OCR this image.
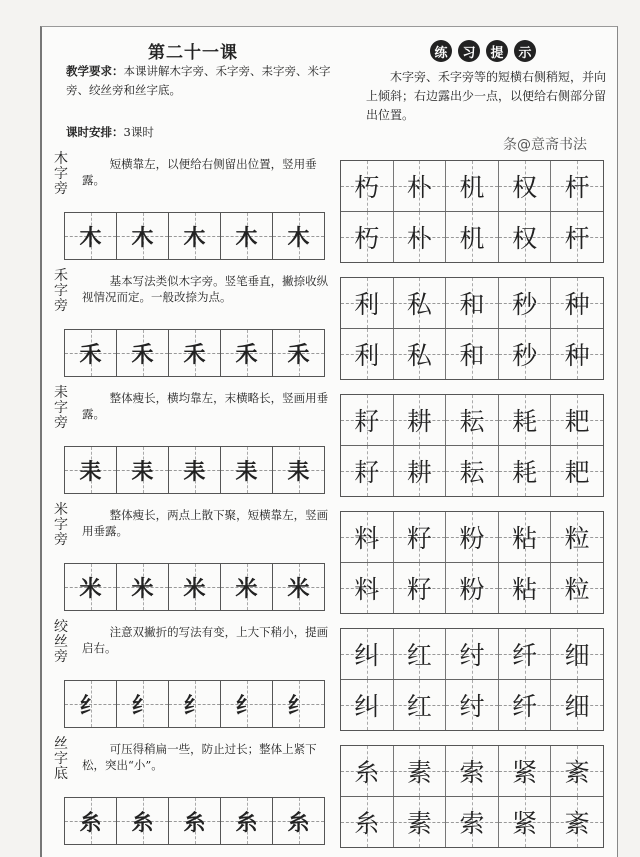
第二十一课
教学要求：本课讲解木字旁、禾字旁、耒字旁、米字旁、绞丝旁和丝字底。
课时安排：3课时
练	习	提	示
木字旁、禾字旁等的短横右侧稍短，并向上倾斜；右边露出少一点，以便给右侧部分留出位置。
木字旁
短横靠左，以便给右侧留出位置，竖用垂露。
木 木 木 木 木
朽 朴 机 权 杆
朽 朴 机 权 杆
禾字旁
基本写法类似木字旁。竖笔垂直，撇捺收纵视情况而定。一般改捺为点。
禾 禾 禾 禾 禾
利 私 和 秒 种
利 私 和 秒 种
耒字旁
整体瘦长，横均靠左，末横略长，竖画用垂露。
耒 耒 耒 耒 耒
耔 耕 耘 耗 耙
耔 耕 耘 耗 耙
米字旁
整体瘦长，两点上散下聚，短横靠左，竖画用垂露。
米 米 米 米 米
料 籽 粉 粘 粒
料 籽 粉 粘 粒
绞丝旁
注意双撇折的写法有变，上大下稍小，提画启右。
纟 纟 纟 纟 纟
纠 红 纣 纤 细
纠 红 纣 纤 细
丝字底
可压得稍扁一些，防止过长；整体上紧下松，突出“小”。
糸 糸 糸 糸 糸
糸 素 索 紧 紊
糸 素 索 紧 紊
条@意斋书法
